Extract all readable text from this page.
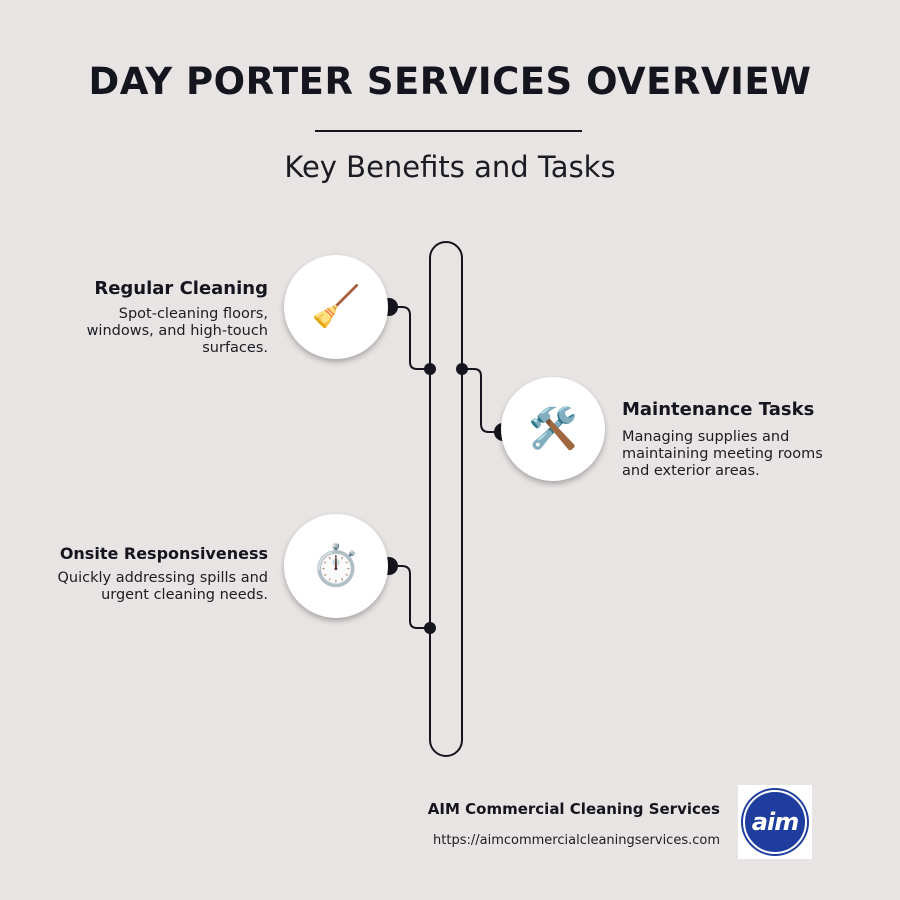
DAY PORTER SERVICES OVERVIEW
Key Benefits and Tasks
🧹
Regular Cleaning
Spot-cleaning floors, windows, and high-touch surfaces.
🛠️	Maintenance Tasks
Managing supplies and maintaining meeting rooms and exterior areas.
⏱️
Onsite Responsiveness
Quickly addressing spills and urgent cleaning needs.
AIM Commercial Cleaning Services
https://aimcommercialcleaningservices.com
aim
